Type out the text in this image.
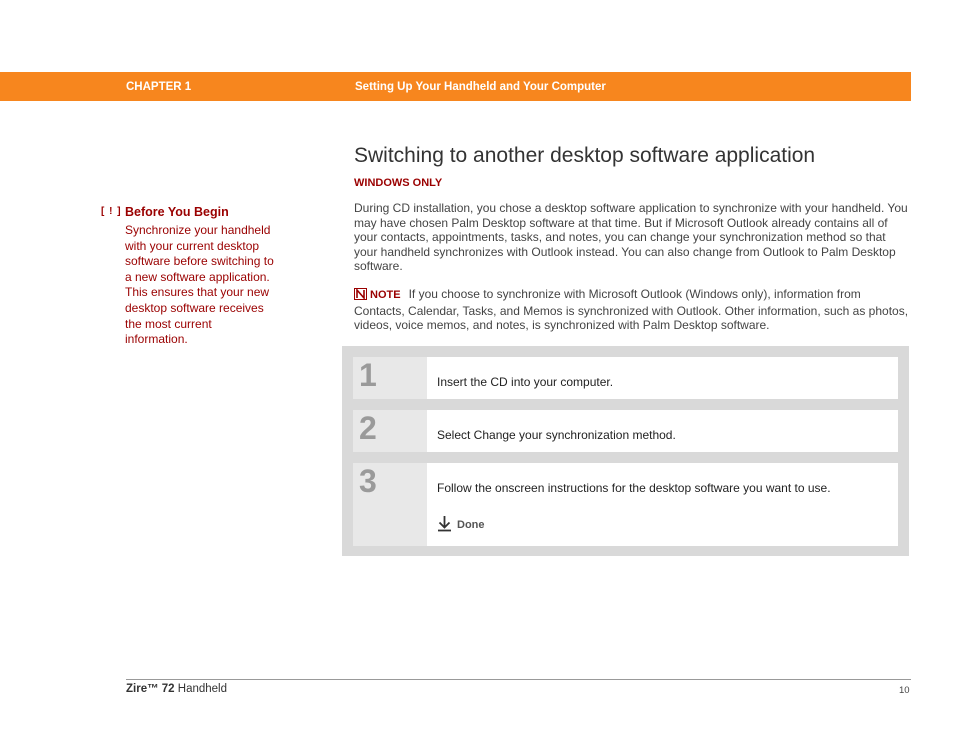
CHAPTER 1	Setting Up Your Handheld and Your Computer
[ ! ] Before You Begin
Synchronize your handheld with your current desktop software before switching to a new software application. This ensures that your new desktop software receives the most current information.
Switching to another desktop software application
WINDOWS ONLY
During CD installation, you chose a desktop software application to synchronize with your handheld. You may have chosen Palm Desktop software at that time. But if Microsoft Outlook already contains all of your contacts, appointments, tasks, and notes, you can change your synchronization method so that your handheld synchronizes with Outlook instead. You can also change from Outlook to Palm Desktop software.
NOTE If you choose to synchronize with Microsoft Outlook (Windows only), information from Contacts, Calendar, Tasks, and Memos is synchronized with Outlook. Other information, such as photos, videos, voice memos, and notes, is synchronized with Palm Desktop software.
1	Insert the CD into your computer.
2	Select Change your synchronization method.
3	Follow the onscreen instructions for the desktop software you want to use.
Done
Zire™ 72 Handheld	10
